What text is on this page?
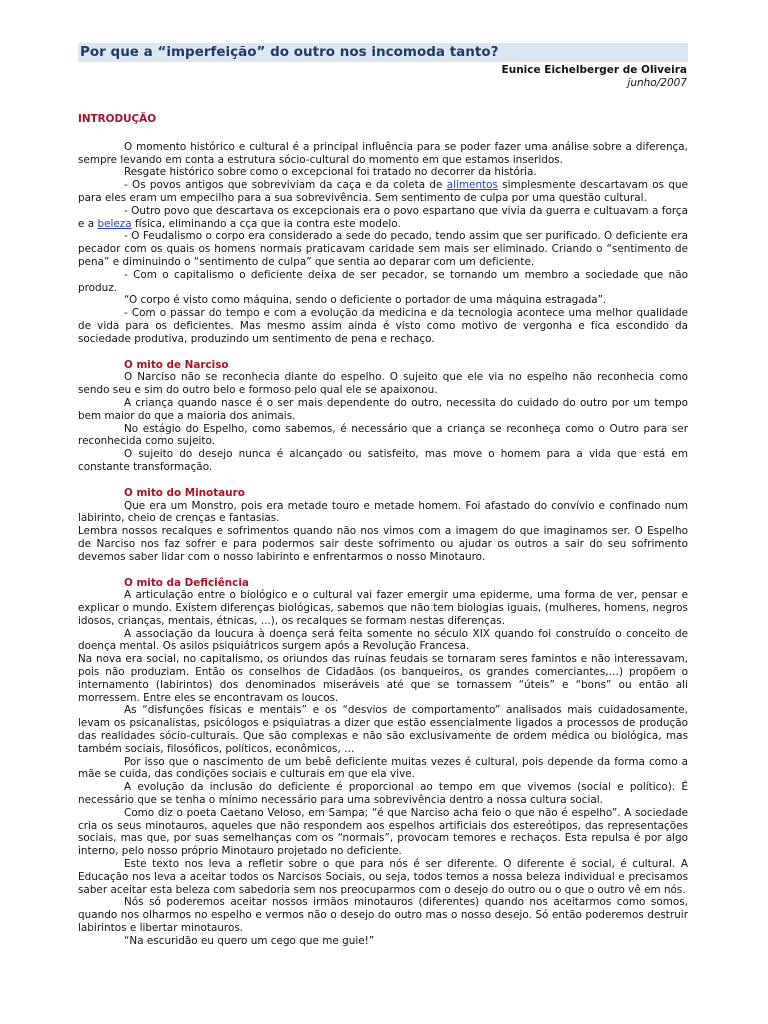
Por que a “imperfeição” do outro nos incomoda tanto?
Eunice Eichelberger de Oliveira
junho/2007
INTRODUÇÃO

O momento histórico e cultural é a principal influência para se poder fazer uma análise sobre a diferença, sempre levando em conta a estrutura sócio-cultural do momento em que estamos inseridos.

Resgate histórico sobre como o excepcional foi tratado no decorrer da história.

- Os povos antigos que sobreviviam da caça e da coleta de alimentos simplesmente descartavam os que para eles eram um empecilho para a sua sobrevivência. Sem sentimento de culpa por uma questão cultural.

- Outro povo que descartava os excepcionais era o povo espartano que vivia da guerra e cultuavam a força e a beleza física, eliminando a cça que ia contra este modelo.

- O Feudalismo o corpo era considerado a sede do pecado, tendo assim que ser purificado. O deficiente era pecador com os quais os homens normais praticavam caridade sem mais ser eliminado. Criando o “sentimento de pena” e diminuindo o “sentimento de culpa” que sentia ao deparar com um deficiente.

- Com o capitalismo o deficiente deixa de ser pecador, se tornando um membro a sociedade que não produz.

“O corpo é visto como máquina, sendo o deficiente o portador de uma máquina estragada”.

- Com o passar do tempo e com a evolução da medicina e da tecnologia acontece uma melhor qualidade de vida para os deficientes. Mas mesmo assim ainda é visto como motivo de vergonha e fica escondido da sociedade produtiva, produzindo um sentimento de pena e rechaço.

O mito de Narciso

O Narciso não se reconhecia diante do espelho. O sujeito que ele via no espelho não reconhecia como sendo seu e sim do outro belo e formoso pelo qual ele se apaixonou.

A criança quando nasce é o ser mais dependente do outro, necessita do cuidado do outro por um tempo bem maior do que a maioria dos animais.

No estágio do Espelho, como sabemos, é necessário que a criança se reconheça como o Outro para ser reconhecida como sujeito.

O sujeito do desejo nunca é alcançado ou satisfeito, mas move o homem para a vida que está em constante transformação.

O mito do Minotauro

Que era um Monstro, pois era metade touro e metade homem. Foi afastado do convívio e confinado num labirinto, cheio de crenças e fantasias.

Lembra nossos recalques e sofrimentos quando não nos vimos com a imagem do que imaginamos ser. O Espelho de Narciso nos faz sofrer e para podermos sair deste sofrimento ou ajudar os outros a sair do seu sofrimento devemos saber lidar com o nosso labirinto e enfrentarmos o nosso Minotauro.

O mito da Deficiência

A articulação entre o biológico e o cultural vai fazer emergir uma epiderme, uma forma de ver, pensar e explicar o mundo. Existem diferenças biológicas, sabemos que não tem biologias iguais, (mulheres, homens, negros idosos, crianças, mentais, étnicas, ...), os recalques se formam nestas diferenças.

A associação da loucura à doença será feita somente no século XIX quando foi construído o conceito de doença mental. Os asilos psiquiátricos surgem após a Revolução Francesa.

Na nova era social, no capitalismo, os oriundos das ruínas feudais se tornaram seres famintos e não interessavam, pois não produziam. Então os conselhos de Cidadãos (os banqueiros, os grandes comerciantes,…) propõem o internamento (labirintos) dos denominados miseráveis até que se tornassem “úteis” e “bons” ou então ali morressem. Entre eles se encontravam os loucos.

As “disfunções físicas e mentais” e os “desvios de comportamento” analisados mais cuidadosamente, levam os psicanalistas, psicólogos e psiquiatras a dizer que estão essencialmente ligados a processos de produção das realidades sócio-culturais. Que são complexas e não são exclusivamente de ordem médica ou biológica, mas também sociais, filosóficos, políticos, econômicos, …

Por isso que o nascimento de um bebê deficiente muitas vezes é cultural, pois depende da forma como a mãe se cuida, das condições sociais e culturais em que ela vive.

A evolução da inclusão do deficiente é proporcional ao tempo em que vivemos (social e político). É necessário que se tenha o mínimo necessário para uma sobrevivência dentro a nossa cultura social.

Como diz o poeta Caetano Veloso, em Sampa; “é que Narciso acha feio o que não é espelho”. A sociedade cria os seus minotauros, aqueles que não respondem aos espelhos artificiais dos estereótipos, das representações sociais, mas que, por suas semelhanças com os “normais”, provocam temores e rechaços. Esta repulsa é por algo interno, pelo nosso próprio Minotauro projetado no deficiente.

Este texto nos leva a refletir sobre o que para nós é ser diferente. O diferente é social, é cultural. A Educação nos leva a aceitar todos os Narcisos Sociais, ou seja, todos temos a nossa beleza individual e precisamos saber aceitar esta beleza com sabedoria sem nos preocuparmos com o desejo do outro ou o que o outro vê em nós.

Nós só poderemos aceitar nossos irmãos minotauros (diferentes) quando nos aceitarmos como somos, quando nos olharmos no espelho e vermos não o desejo do outro mas o nosso desejo. Só então poderemos destruir labirintos e libertar minotauros.

“Na escuridão eu quero um cego que me guie!”
